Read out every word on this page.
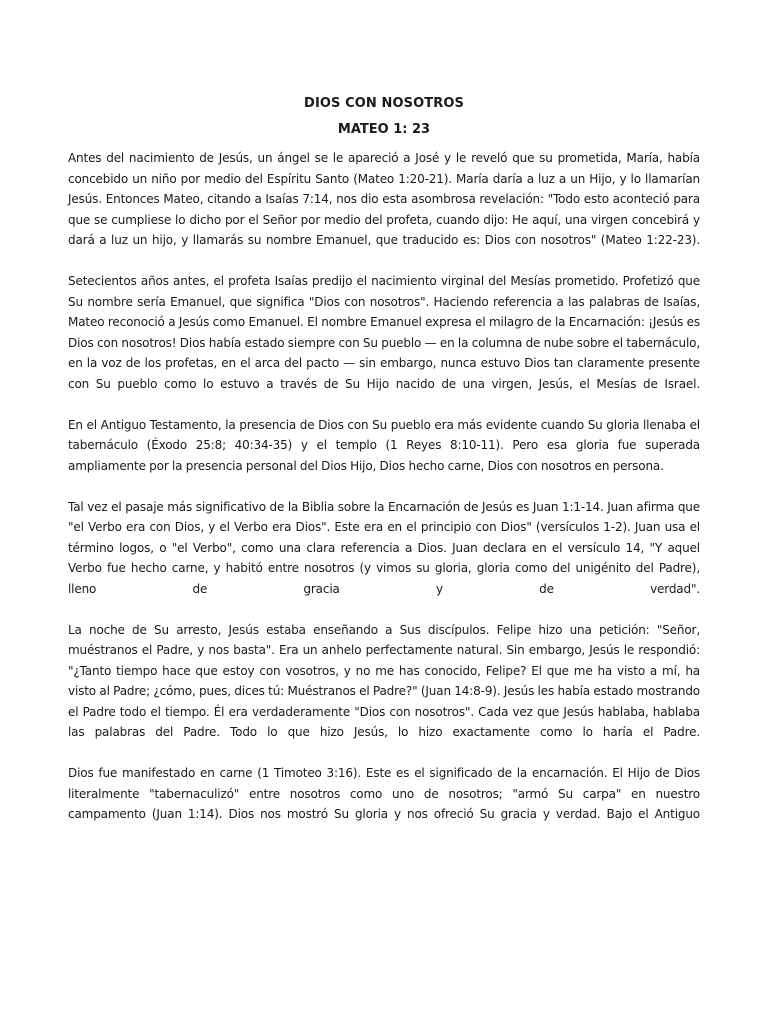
DIOS CON NOSOTROS
MATEO 1: 23

Antes del nacimiento de Jesús, un ángel se le apareció a José y le reveló que su prometida, María, había concebido un niño por medio del Espíritu Santo (Mateo 1:20-21). María daría a luz a un Hijo, y lo llamarían Jesús. Entonces Mateo, citando a Isaías 7:14, nos dio esta asombrosa revelación: "Todo esto aconteció para que se cumpliese lo dicho por el Señor por medio del profeta, cuando dijo: He aquí, una virgen concebirá y dará a luz un hijo, y llamarás su nombre Emanuel, que traducido es: Dios con nosotros" (Mateo 1:22-23).

Setecientos años antes, el profeta Isaías predijo el nacimiento virginal del Mesías prometido. Profetizó que Su nombre sería Emanuel, que significa "Dios con nosotros". Haciendo referencia a las palabras de Isaías, Mateo reconoció a Jesús como Emanuel. El nombre Emanuel expresa el milagro de la Encarnación: ¡Jesús es Dios con nosotros! Dios había estado siempre con Su pueblo — en la columna de nube sobre el tabernáculo, en la voz de los profetas, en el arca del pacto — sin embargo, nunca estuvo Dios tan claramente presente con Su pueblo como lo estuvo a través de Su Hijo nacido de una virgen, Jesús, el Mesías de Israel.

En el Antiguo Testamento, la presencia de Dios con Su pueblo era más evidente cuando Su gloria llenaba el tabernáculo (Éxodo 25:8; 40:34-35) y el templo (1 Reyes 8:10-11). Pero esa gloria fue superada ampliamente por la presencia personal del Dios Hijo, Dios hecho carne, Dios con nosotros en persona.

Tal vez el pasaje más significativo de la Biblia sobre la Encarnación de Jesús es Juan 1:1-14. Juan afirma que "el Verbo era con Dios, y el Verbo era Dios". Este era en el principio con Dios" (versículos 1-2). Juan usa el término logos, o "el Verbo", como una clara referencia a Dios. Juan declara en el versículo 14, "Y aquel Verbo fue hecho carne, y habitó entre nosotros (y vimos su gloria, gloria como del unigénito del Padre), lleno de gracia y de verdad".

La noche de Su arresto, Jesús estaba enseñando a Sus discípulos. Felipe hizo una petición: "Señor, muéstranos el Padre, y nos basta". Era un anhelo perfectamente natural. Sin embargo, Jesús le respondió: "¿Tanto tiempo hace que estoy con vosotros, y no me has conocido, Felipe? El que me ha visto a mí, ha visto al Padre; ¿cómo, pues, dices tú: Muéstranos el Padre?" (Juan 14:8-9). Jesús les había estado mostrando el Padre todo el tiempo. Él era verdaderamente "Dios con nosotros". Cada vez que Jesús hablaba, hablaba las palabras del Padre. Todo lo que hizo Jesús, lo hizo exactamente como lo haría el Padre.

Dios fue manifestado en carne (1 Timoteo 3:16). Este es el significado de la encarnación. El Hijo de Dios literalmente "tabernaculizó" entre nosotros como uno de nosotros; "armó Su carpa" en nuestro campamento (Juan 1:14). Dios nos mostró Su gloria y nos ofreció Su gracia y verdad. Bajo el Antiguo
